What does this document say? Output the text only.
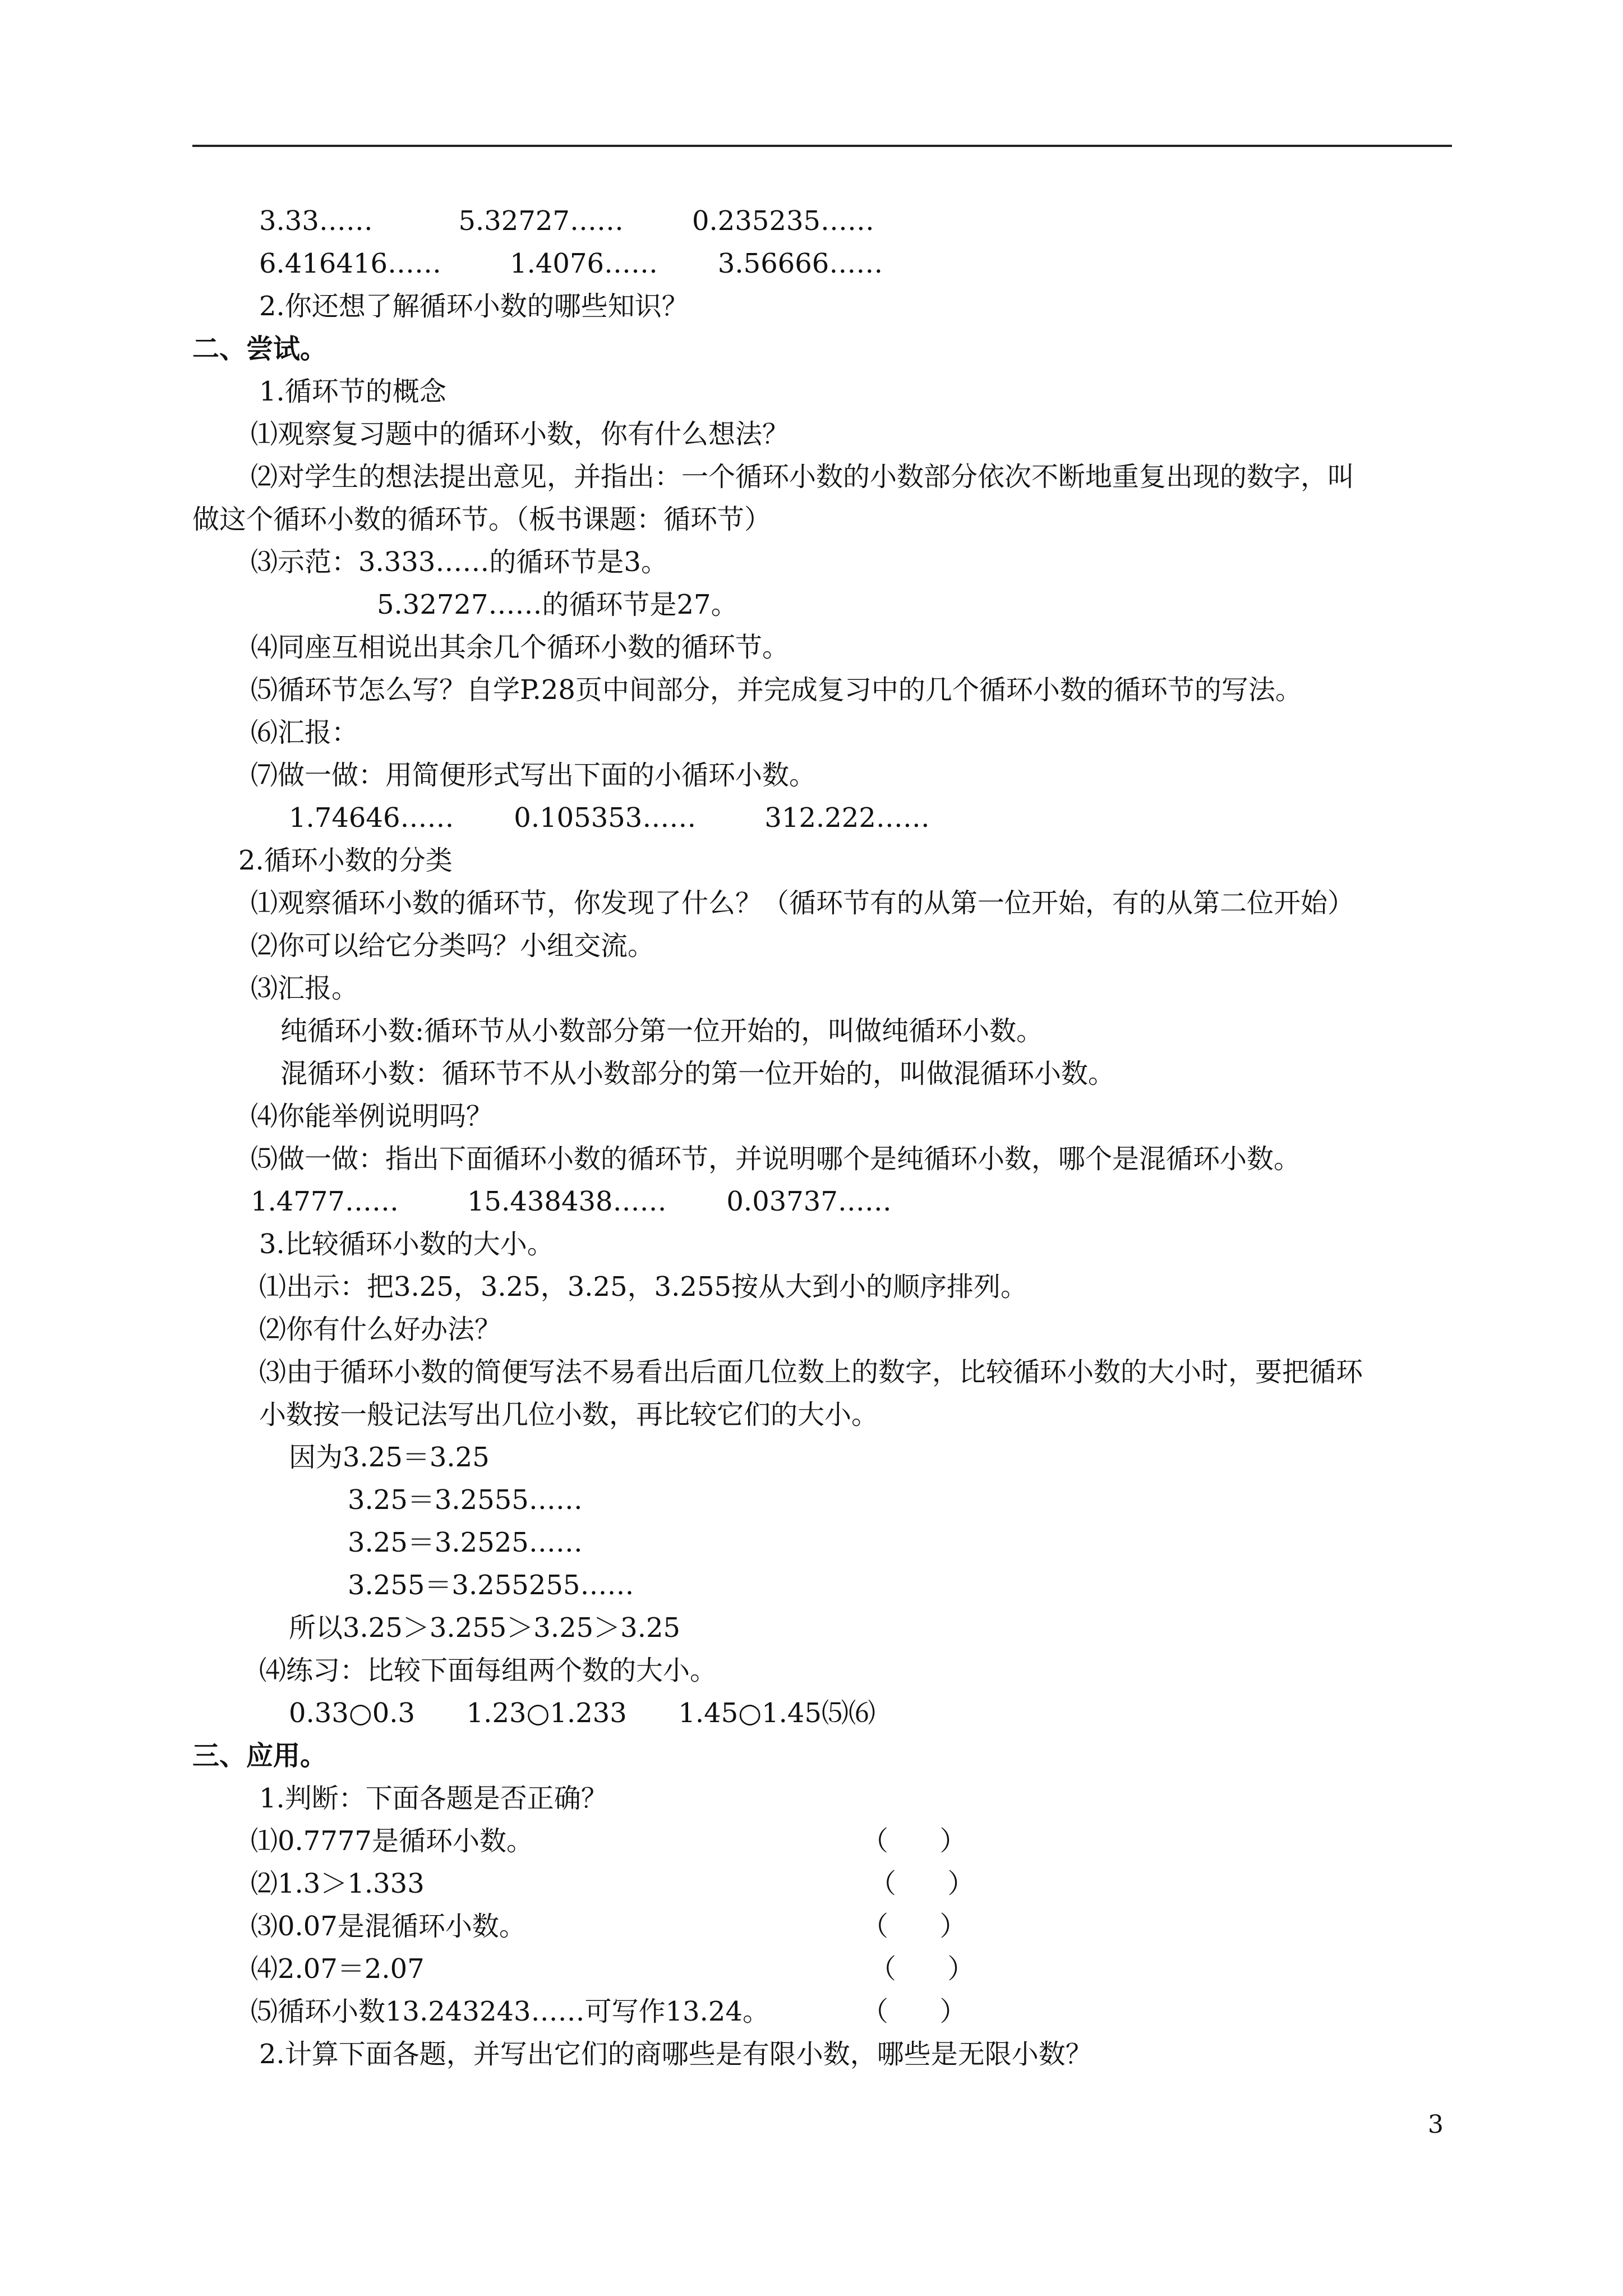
3.33……          5.32727……        0.235235……
6.416416……        1.4076……       3.56666……
2.你还想了解循环小数的哪些知识？
二、尝试。
1.循环节的概念
⑴观察复习题中的循环小数，你有什么想法？
⑵对学生的想法提出意见，并指出：一个循环小数的小数部分依次不断地重复出现的数字，叫
做这个循环小数的循环节。（板书课题：循环节）
⑶示范：3.333……的循环节是3。
5.32727……的循环节是27。
⑷同座互相说出其余几个循环小数的循环节。
⑸循环节怎么写？自学P.28页中间部分，并完成复习中的几个循环小数的循环节的写法。
⑹汇报：
⑺做一做：用简便形式写出下面的小循环小数。
1.74646……       0.105353……        312.222……
2.循环小数的分类
⑴观察循环小数的循环节，你发现了什么？（循环节有的从第一位开始，有的从第二位开始）
⑵你可以给它分类吗？小组交流。
⑶汇报。
纯循环小数:循环节从小数部分第一位开始的，叫做纯循环小数。
混循环小数：循环节不从小数部分的第一位开始的，叫做混循环小数。
⑷你能举例说明吗？
⑸做一做：指出下面循环小数的循环节，并说明哪个是纯循环小数，哪个是混循环小数。
1.4777……        15.438438……       0.03737……
3.比较循环小数的大小。
⑴出示：把3.25，3.25，3.25，3.255按从大到小的顺序排列。
⑵你有什么好办法？
⑶由于循环小数的简便写法不易看出后面几位数上的数字，比较循环小数的大小时，要把循环
小数按一般记法写出几位小数，再比较它们的大小。
因为3.25＝3.25
3.25＝3.2555……
3.25＝3.2525……
3.255＝3.255255……
所以3.25＞3.255＞3.25＞3.25
⑷练习：比较下面每组两个数的大小。
0.33○0.3      1.23○1.233      1.45○1.45⑸⑹
三、应用。
1.判断：下面各题是否正确？
⑴0.7777是循环小数。	（      ）
⑵1.3＞1.333	（      ）
⑶0.07是混循环小数。	（      ）
⑷2.07＝2.07	（      ）
⑸循环小数13.243243……可写作13.24。	（      ）
2.计算下面各题，并写出它们的商哪些是有限小数，哪些是无限小数？
3
